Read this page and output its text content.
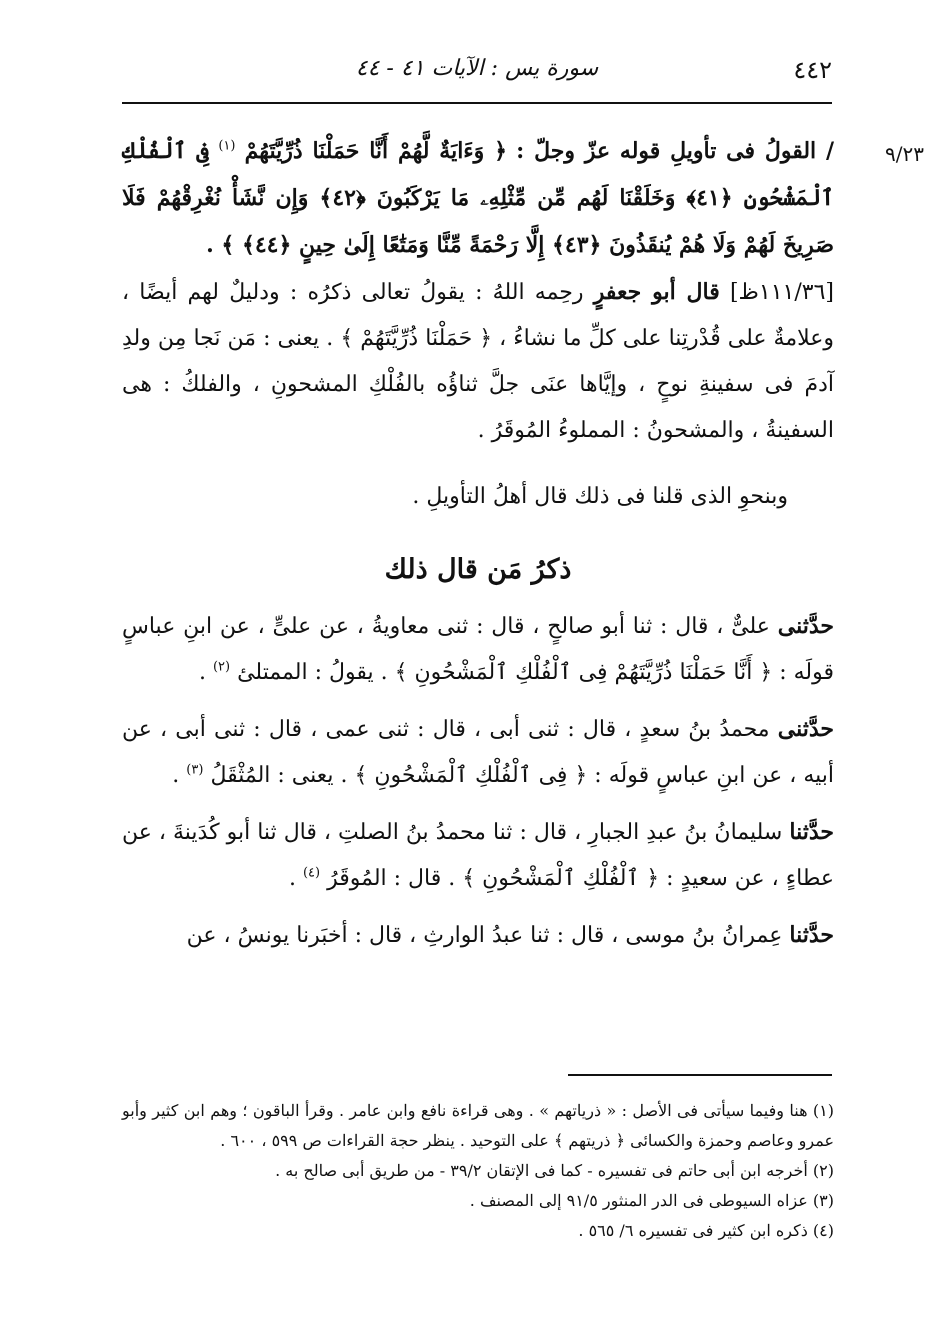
٤٤٢
سورة يس : الآيات ٤١ - ٤٤
٩/٢٣

/ القولُ فى تأويلِ قوله عزّ وجلّ : ﴿ وَءَايَةٌ لَّهُمْ أَنَّا حَمَلْنَا ذُرِّيَّتَهُمْ $^{(١)}$ فِى ٱلْفُلْكِ ٱلْمَشْحُونِ ﴿٤١﴾ وَخَلَقْنَا لَهُم مِّن مِّثْلِهِۦ مَا يَرْكَبُونَ ﴿٤٢﴾ وَإِن نَّشَأْ نُغْرِقْهُمْ فَلَا صَرِيخَ لَهُمْ وَلَا هُمْ يُنقَذُونَ ﴿٤٣﴾ إِلَّا رَحْمَةً مِّنَّا وَمَتَٰعًا إِلَىٰ حِينٍ ﴿٤٤﴾ ﴾ .

[١١١/٣٦ظ] قال أبو جعفرٍ رحِمه اللهُ : يقولُ تعالى ذكرُه : ودليلٌ لهم أيضًا ، وعلامةٌ على قُدْرتِنا على كلِّ ما نشاءُ ، ﴿ حَمَلْنَا ذُرِّيَّتَهُمْ ﴾ . يعنى : مَن نَجا مِن ولدِ آدمَ فى سفينةِ نوحٍ ، وإيَّاها عنَى جلَّ ثناؤُه بالفُلْكِ المشحونِ ، والفلكُ : هى السفينةُ ، والمشحونُ : المملوءُ المُوقَرُ .

وبنحوِ الذى قلنا فى ذلك قال أهلُ التأويلِ .

ذكرُ مَن قال ذلك

حدَّثنى علىٌّ ، قال : ثنا أبو صالحٍ ، قال : ثنى معاويةُ ، عن علىٍّ ، عن ابنِ عباسٍ قولَه : ﴿ أَنَّا حَمَلْنَا ذُرِّيَّتَهُمْ فِى ٱلْفُلْكِ ٱلْمَشْحُونِ ﴾ . يقولُ : الممتلئ $^{(٢)}$ .

حدَّثنى محمدُ بنُ سعدٍ ، قال : ثنى أبى ، قال : ثنى عمى ، قال : ثنى أبى ، عن أبيه ، عن ابنِ عباسٍ قولَه : ﴿ فِى ٱلْفُلْكِ ٱلْمَشْحُونِ ﴾ . يعنى : المُثْقَلُ $^{(٣)}$ .

حدَّثنا سليمانُ بنُ عبدِ الجبارِ ، قال : ثنا محمدُ بنُ الصلتِ ، قال ثنا أبو كُدَينةَ ، عن عطاءٍ ، عن سعيدٍ : ﴿ ٱلْفُلْكِ ٱلْمَشْحُونِ ﴾ . قال : المُوقَرُ $^{(٤)}$ .

حدَّثنا عِمرانُ بنُ موسى ، قال : ثنا عبدُ الوارثِ ، قال : أخبَرنا يونسُ ، عن

(١) هنا وفيما سيأتى فى الأصل : « ذرياتهم » . وهى قراءة نافع وابن عامر . وقرأ الباقون ؛ وهم ابن كثير وأبو عمرو وعاصم وحمزة والكسائى ﴿ ذريتهم ﴾ على التوحيد . ينظر حجة القراءات ص ٥٩٩ ، ٦٠٠ .

(٢) أخرجه ابن أبى حاتم فى تفسيره - كما فى الإتقان ٣٩/٢ - من طريق أبى صالح به .

(٣) عزاه السيوطى فى الدر المنثور ٩١/٥ إلى المصنف .

(٤) ذكره ابن كثير فى تفسيره ٦/ ٥٦٥ .
